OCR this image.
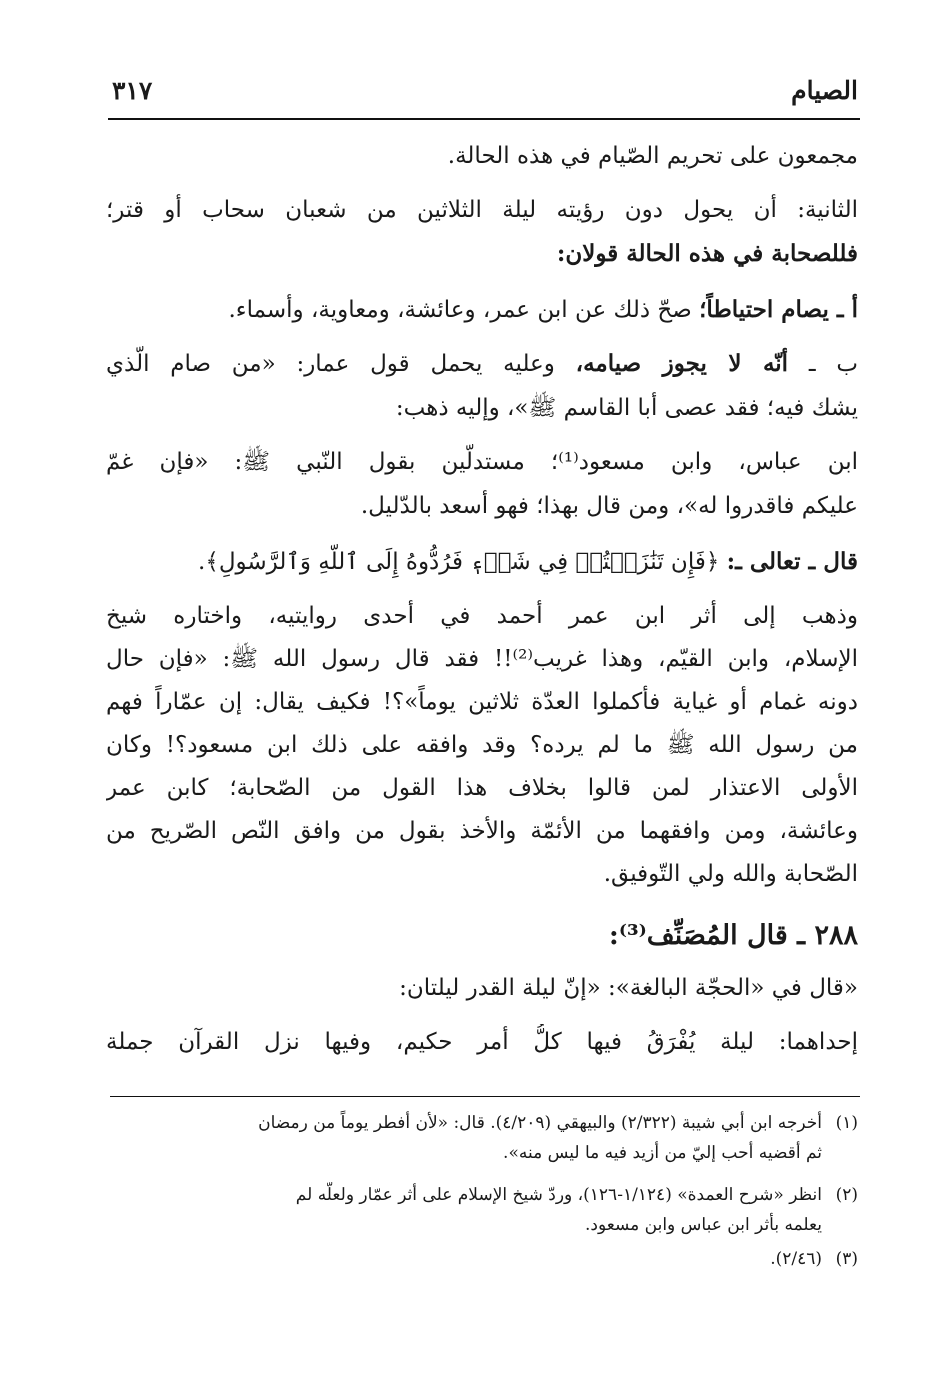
الصيام
٣١٧
مجمعون على تحريم الصّيام في هذه الحالة.
الثانية: أن يحول دون رؤيته ليلة الثلاثين من شعبان سحاب أو قتر؛
فللصحابة في هذه الحالة قولان:
أ ـ يصام احتياطاً؛ صحّ ذلك عن ابن عمر، وعائشة، ومعاوية، وأسماء.
ب ـ أنّه لا يجوز صيامه، وعليه يحمل قول عمار: «من صام الّذي
يشك فيه؛ فقد عصى أبا القاسم ﷺ»، وإليه ذهب:
ابن عباس، وابن مسعود⁽¹⁾؛ مستدلّين بقول النّبي ﷺ: «فإن غمّ
عليكم فاقدروا له»، ومن قال بهذا؛ فهو أسعد بالدّليل.
قال ـ تعالى ـ: ﴿فَإِن تَنَٰزَعۡتُمۡ فِي شَيۡءٖ فَرُدُّوهُ إِلَى ٱللَّهِ وَٱلرَّسُولِ﴾.
وذهب إلى أثر ابن عمر أحمد في أحدى روايتيه، واختاره شيخ
الإسلام، وابن القيّم، وهذا غريب⁽²⁾!! فقد قال رسول الله ﷺ: «فإن حال
دونه غمام أو غياية فأكملوا العدّة ثلاثين يوماً»؟! فكيف يقال: إن عمّاراً فهم
من رسول الله ﷺ ما لم يرده؟ وقد وافقه على ذلك ابن مسعود؟! وكان
الأولى الاعتذار لمن قالوا بخلاف هذا القول من الصّحابة؛ كابن عمر
وعائشة، ومن وافقهما من الأئمّة والأخذ بقول من وافق النّص الصّريح من
الصّحابة والله ولي التّوفيق.
٢٨٨ ـ قال المُصَنِّف⁽³⁾:
«قال في «الحجّة البالغة»: «إنّ ليلة القدر ليلتان:
إحداهما: ليلة يُفْرَقُ فيها كلُّ أمر حكيم، وفيها نزل القرآن جملة
(١)أخرجه ابن أبي شيبة (٢/٣٢٢) والبيهقي (٤/٢٠٩). قال: «لأن أفطر يوماً من رمضان
ثم أقضيه أحب إليّ من أزيد فيه ما ليس منه».
(٢)انظر «شرح العمدة» (١/١٢٤-١٢٦)، وردّ شيخ الإسلام على أثر عمّار ولعلّه لم
يعلمه بأثر ابن عباس وابن مسعود.
(٣)(٢/٤٦).
